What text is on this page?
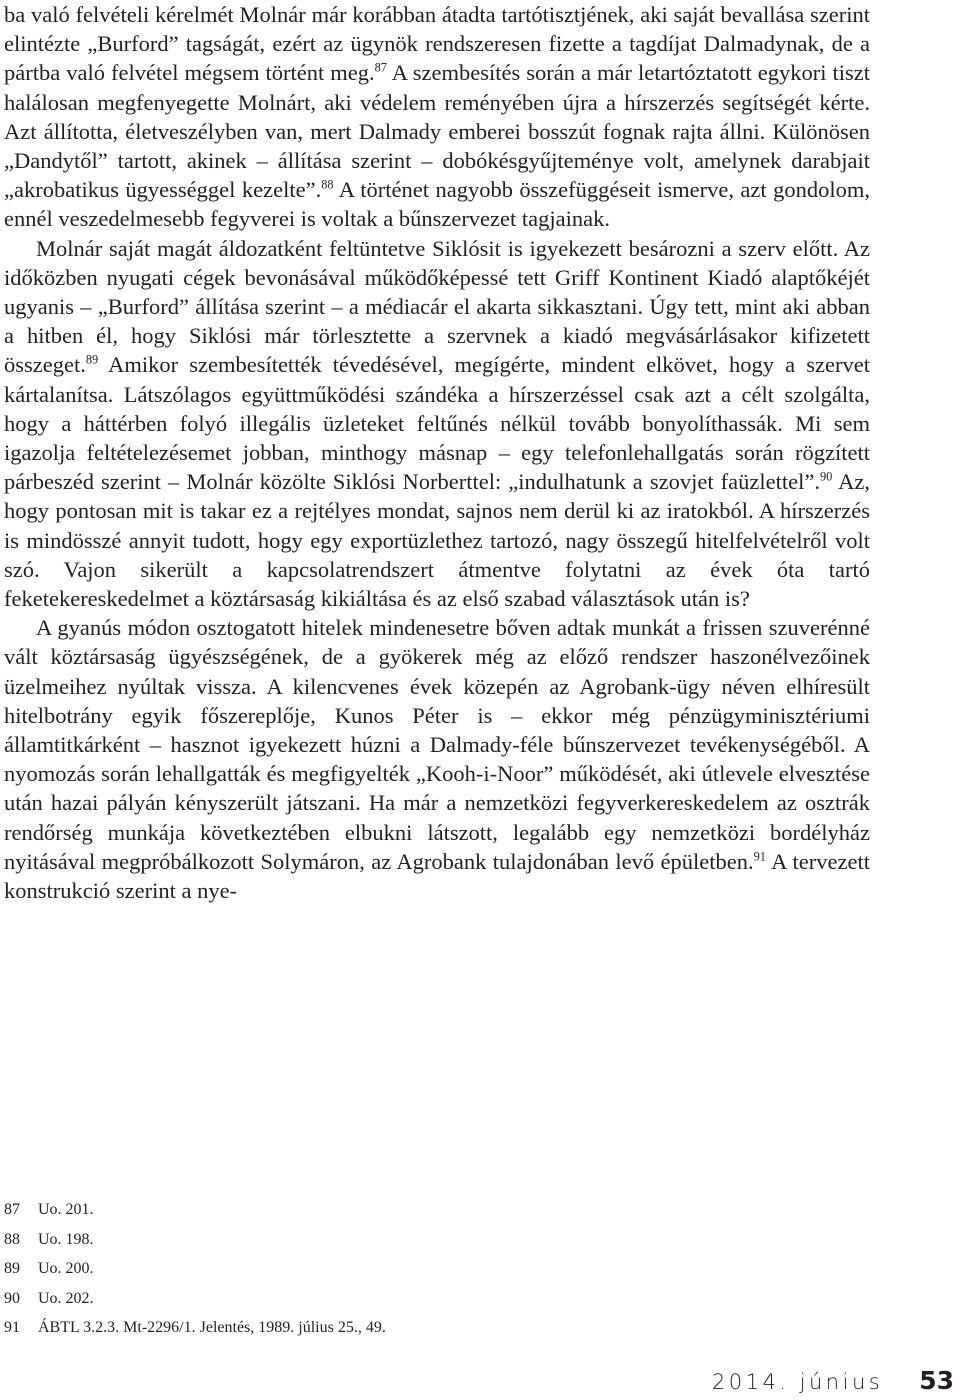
ba való felvételi kérelmét Molnár már korábban átadta tartótisztjének, aki saját bevallása szerint elintézte „Burford” tagságát, ezért az ügynök rendszeresen fizette a tagdíjat Dalmadynak, de a pártba való felvétel mégsem történt meg.$^{87}$ A szembesítés során a már letartóztatott egykori tiszt halálosan megfenyegette Molnárt, aki védelem reményében újra a hírszerzés segítségét kérte. Azt állította, életveszélyben van, mert Dalmady emberei bosszút fognak rajta állni. Különösen „Dandytől” tartott, akinek – állítása szerint – dobókésgyűjteménye volt, amelynek darabjait „akrobatikus ügyességgel kezelte”.$^{88}$ A történet nagyobb összefüggéseit ismerve, azt gondolom, ennél veszedelmesebb fegyverei is voltak a bűnszervezet tagjainak.

Molnár saját magát áldozatként feltüntetve Siklósit is igyekezett besározni a szerv előtt. Az időközben nyugati cégek bevonásával működőképessé tett Griff Kontinent Kiadó alaptőkéjét ugyanis – „Burford” állítása szerint – a médiacár el akarta sikkasztani. Úgy tett, mint aki abban a hitben él, hogy Siklósi már törlesztette a szervnek a kiadó megvásárlásakor kifizetett összeget.$^{89}$ Amikor szembesítették tévedésével, megígérte, mindent elkövet, hogy a szervet kártalanítsa. Látszólagos együttműködési szándéka a hírszerzéssel csak azt a célt szolgálta, hogy a háttérben folyó illegális üzleteket feltűnés nélkül tovább bonyolíthassák. Mi sem igazolja feltételezésemet jobban, minthogy másnap – egy telefonlehallgatás során rögzített párbeszéd szerint – Molnár közölte Siklósi Norberttel: „indulhatunk a szovjet faüzlettel”.$^{90}$ Az, hogy pontosan mit is takar ez a rejtélyes mondat, sajnos nem derül ki az iratokból. A hírszerzés is mindösszé annyit tudott, hogy egy exportüzlethez tartozó, nagy összegű hitelfelvételről volt szó. Vajon sikerült a kapcsolatrendszert átmentve folytatni az évek óta tartó feketekereskedelmet a köztársaság kikiáltása és az első szabad választások után is?

A gyanús módon osztogatott hitelek mindenesetre bőven adtak munkát a frissen szuverénné vált köztársaság ügyészségének, de a gyökerek még az előző rendszer haszonélvezőinek üzelmeihez nyúltak vissza. A kilencvenes évek közepén az Agrobank-ügy néven elhíresült hitelbotrány egyik főszereplője, Kunos Péter is – ekkor még pénzügyminisztériumi államtitkárként – hasznot igyekezett húzni a Dalmady-féle bűnszervezet tevékenységéből. A nyomozás során lehallgatták és megfigyelték „Kooh-i-Noor” működését, aki útlevele elvesztése után hazai pályán kényszerült játszani. Ha már a nemzetközi fegyverkereskedelem az osztrák rendőrség munkája következtében elbukni látszott, legalább egy nemzetközi bordélyház nyitásával megpróbálkozott Solymáron, az Agrobank tulajdonában levő épületben.$^{91}$ A tervezett konstrukció szerint a nye-

87 Uo. 201.
88 Uo. 198.
89 Uo. 200.
90 Uo. 202.
91 ÁBTL 3.2.3. Mt-2296/1. Jelentés, 1989. július 25., 49.
2014. június 53
